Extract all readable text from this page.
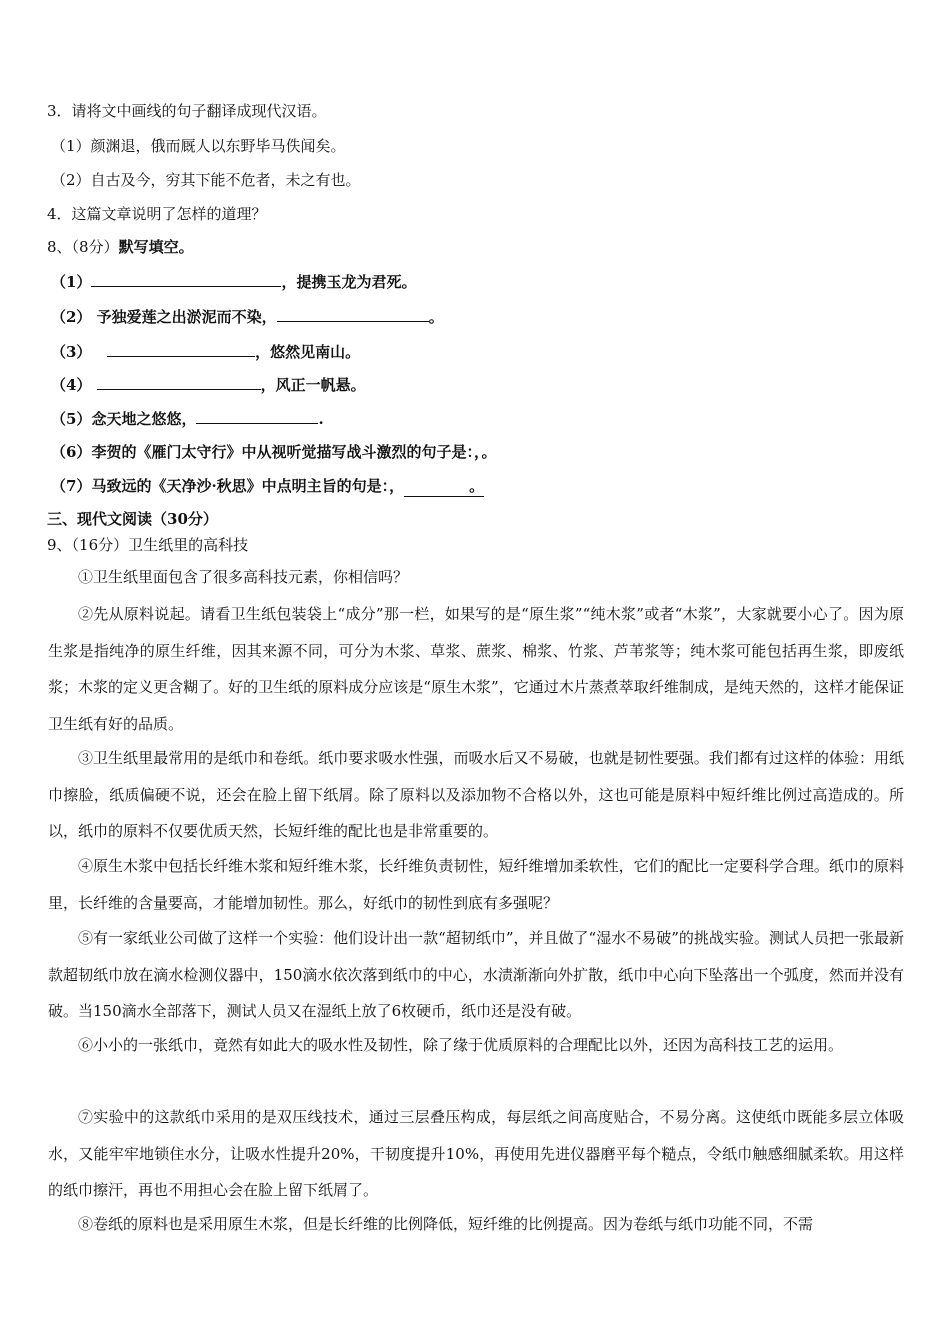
3．请将文中画线的句子翻译成现代汉语。
（1）颜渊退，俄而厩人以东野毕马佚闻矣。
（2）自古及今，穷其下能不危者，未之有也。
4．这篇文章说明了怎样的道理？
8、（8分）默写填空。
（1）	，提携玉龙为君死。
（2） 予独爱莲之出淤泥而不染，	。
（3）	，悠然见南山。
（4）	，风正一帆悬。
（5）念天地之悠悠，	.
（6）李贺的《雁门太守行》中从视听觉描写战斗激烈的句子是：，。
（7）马致远的《天净沙·秋思》中点明主旨的句是：，	。
三、现代文阅读（30分）
9、（16分）卫生纸里的高科技
①卫生纸里面包含了很多高科技元素，你相信吗？
②先从原料说起。请看卫生纸包装袋上“成分”那一栏，如果写的是“原生浆”“纯木浆”或者“木浆”，大家就要小心了。因为原生浆是指纯净的原生纤维，因其来源不同，可分为木浆、草浆、蔗浆、棉浆、竹浆、芦苇浆等；纯木浆可能包括再生浆，即废纸浆；木浆的定义更含糊了。好的卫生纸的原料成分应该是“原生木浆”，它通过木片蒸煮萃取纤维制成，是纯天然的，这样才能保证卫生纸有好的品质。
③卫生纸里最常用的是纸巾和卷纸。纸巾要求吸水性强，而吸水后又不易破，也就是韧性要强。我们都有过这样的体验：用纸巾擦脸，纸质偏硬不说，还会在脸上留下纸屑。除了原料以及添加物不合格以外，这也可能是原料中短纤维比例过高造成的。所以，纸巾的原料不仅要优质天然，长短纤维的配比也是非常重要的。
④原生木浆中包括长纤维木浆和短纤维木浆，长纤维负责韧性，短纤维增加柔软性，它们的配比一定要科学合理。纸巾的原料里，长纤维的含量要高，才能增加韧性。那么，好纸巾的韧性到底有多强呢？
⑤有一家纸业公司做了这样一个实验：他们设计出一款“超韧纸巾”，并且做了“湿水不易破”的挑战实验。测试人员把一张最新款超韧纸巾放在滴水检测仪器中，150滴水依次落到纸巾的中心，水渍渐渐向外扩散，纸巾中心向下坠落出一个弧度，然而并没有破。当150滴水全部落下，测试人员又在湿纸上放了6枚硬币，纸巾还是没有破。
⑥小小的一张纸巾，竟然有如此大的吸水性及韧性，除了缘于优质原料的合理配比以外，还因为高科技工艺的运用。
⑦实验中的这款纸巾采用的是双压线技术，通过三层叠压构成，每层纸之间高度贴合，不易分离。这使纸巾既能多层立体吸水，又能牢牢地锁住水分，让吸水性提升20%，干韧度提升10%，再使用先进仪器磨平每个糙点，令纸巾触感细腻柔软。用这样的纸巾擦汗，再也不用担心会在脸上留下纸屑了。
⑧卷纸的原料也是采用原生木浆，但是长纤维的比例降低，短纤维的比例提高。因为卷纸与纸巾功能不同，不需
